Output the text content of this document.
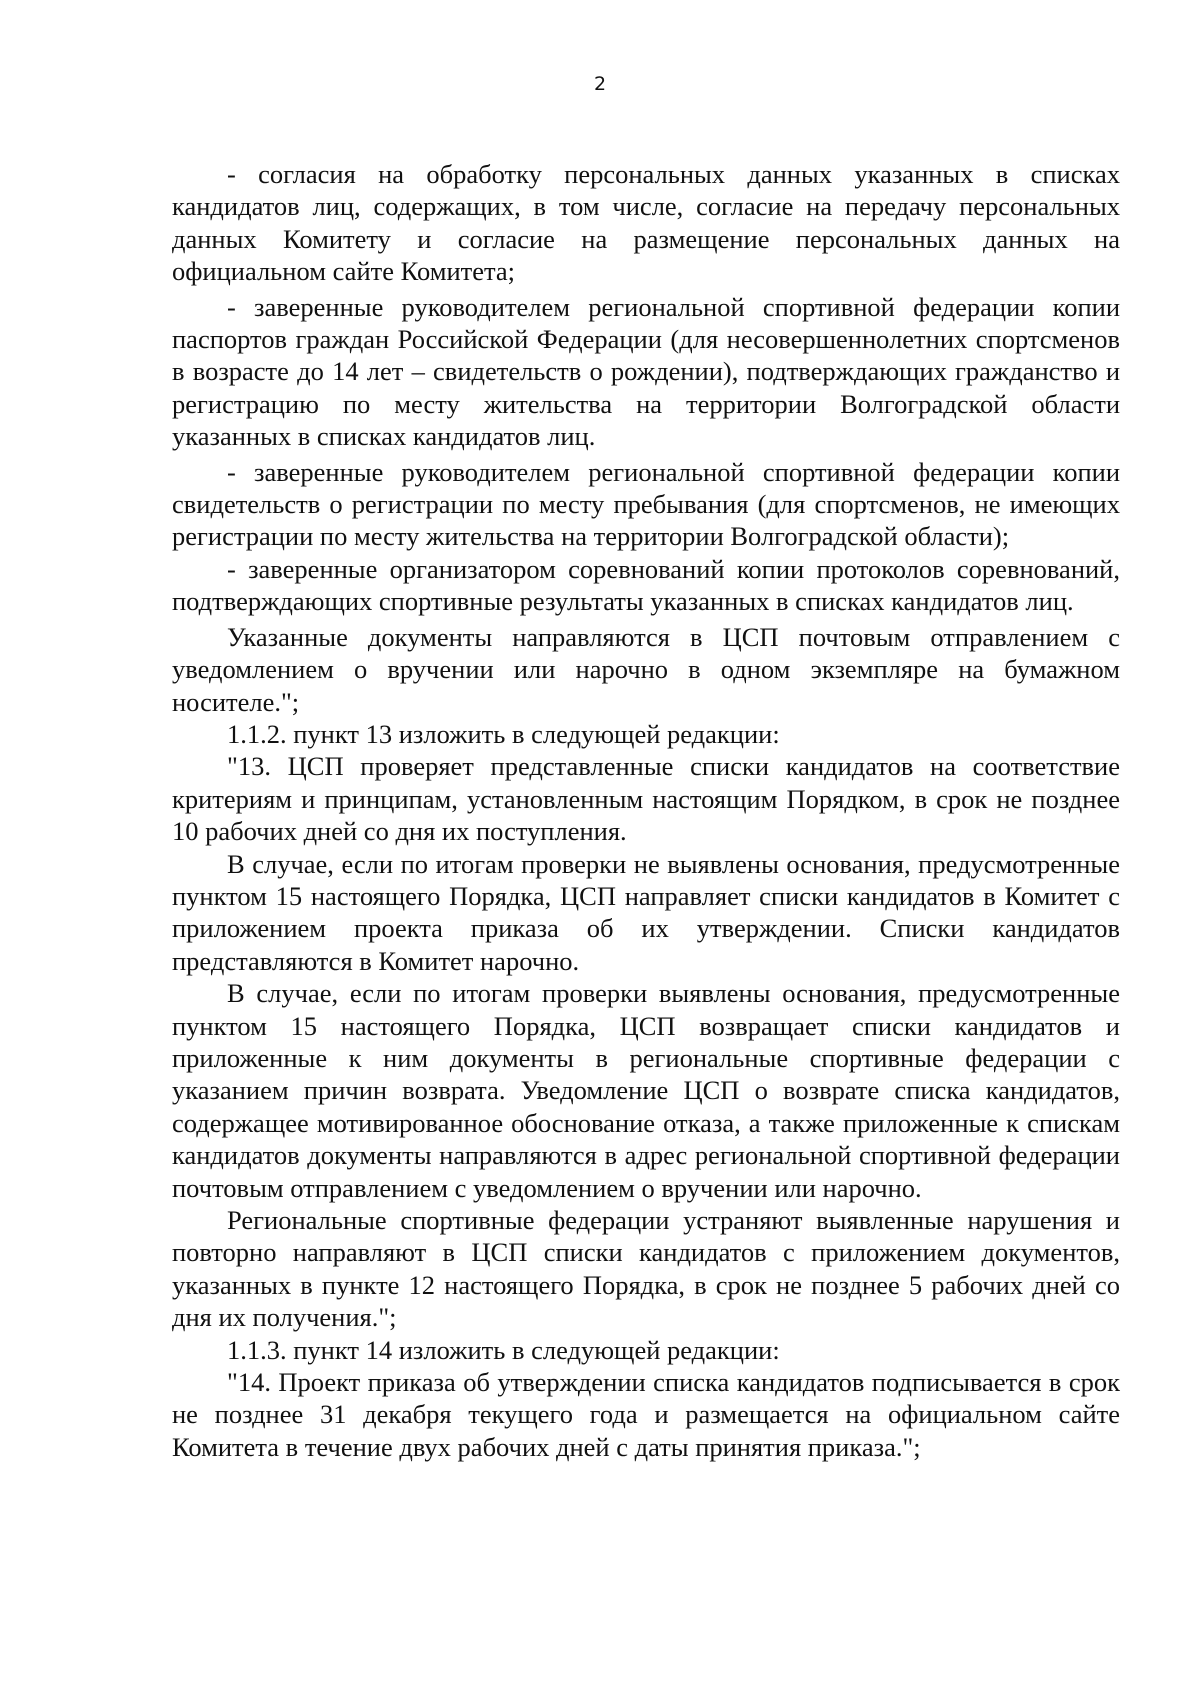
2

- согласия на обработку персональных данных указанных в списках кандидатов лиц, содержащих, в том числе, согласие на передачу персональных данных Комитету и согласие на размещение персональных данных на официальном сайте Комитета;

- заверенные руководителем региональной спортивной федерации копии паспортов граждан Российской Федерации (для несовершеннолетних спортсменов в возрасте до 14 лет – свидетельств о рождении), подтверждающих гражданство и регистрацию по месту жительства на территории Волгоградской области указанных в списках кандидатов лиц.

- заверенные руководителем региональной спортивной федерации копии свидетельств о регистрации по месту пребывания (для спортсменов, не имеющих регистрации по месту жительства на территории Волгоградской области);

- заверенные организатором соревнований копии протоколов соревнований, подтверждающих спортивные результаты указанных в списках кандидатов лиц.

Указанные документы направляются в ЦСП почтовым отправлением с уведомлением о вручении или нарочно в одном экземпляре на бумажном носителе.";

1.1.2. пункт 13 изложить в следующей редакции:

"13. ЦСП проверяет представленные списки кандидатов на соответствие критериям и принципам, установленным настоящим Порядком, в срок не позднее 10 рабочих дней со дня их поступления.

В случае, если по итогам проверки не выявлены основания, предусмотренные пунктом 15 настоящего Порядка, ЦСП направляет списки кандидатов в Комитет с приложением проекта приказа об их утверждении. Списки кандидатов представляются в Комитет нарочно.

В случае, если по итогам проверки выявлены основания, предусмотренные пунктом 15 настоящего Порядка, ЦСП возвращает списки кандидатов и приложенные к ним документы в региональные спортивные федерации с указанием причин возврата. Уведомление ЦСП о возврате списка кандидатов, содержащее мотивированное обоснование отказа, а также приложенные к спискам кандидатов документы направляются в адрес региональной спортивной федерации почтовым отправлением с уведомлением о вручении или нарочно.

Региональные спортивные федерации устраняют выявленные нарушения и повторно направляют в ЦСП списки кандидатов с приложением документов, указанных в пункте 12 настоящего Порядка, в срок не позднее 5 рабочих дней со дня их получения.";

1.1.3. пункт 14 изложить в следующей редакции:

"14. Проект приказа об утверждении списка кандидатов подписывается в срок не позднее 31 декабря текущего года и размещается на официальном сайте Комитета в течение двух рабочих дней с даты принятия приказа.";
